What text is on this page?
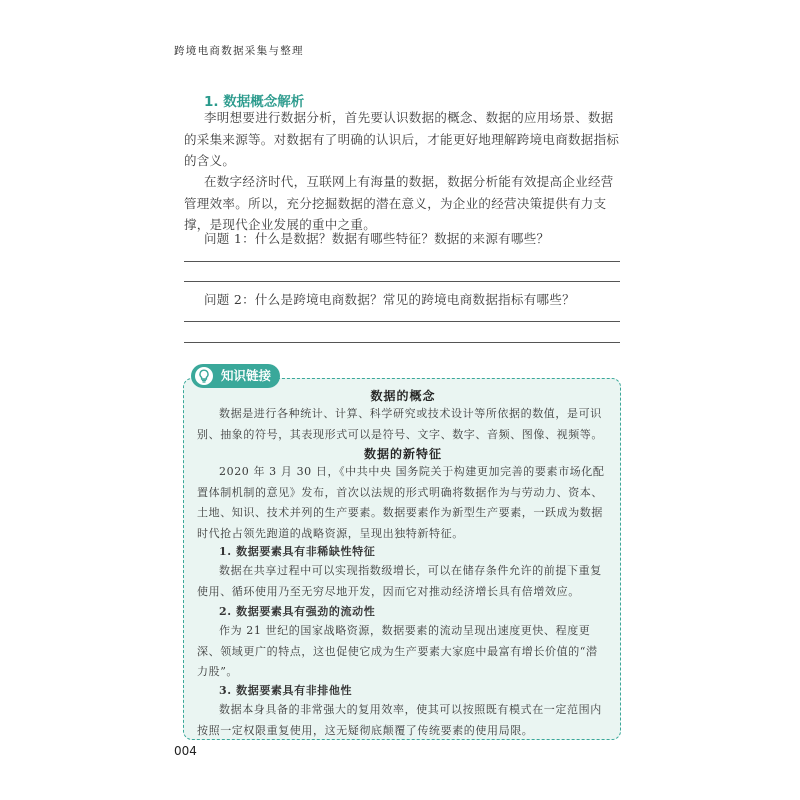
跨境电商数据采集与整理
1. 数据概念解析

李明想要进行数据分析，首先要认识数据的概念、数据的应用场景、数据的采集来源等。对数据有了明确的认识后，才能更好地理解跨境电商数据指标的含义。

在数字经济时代，互联网上有海量的数据，数据分析能有效提高企业经营管理效率。所以，充分挖掘数据的潜在意义，为企业的经营决策提供有力支撑，是现代企业发展的重中之重。

问题 1：什么是数据？数据有哪些特征？数据的来源有哪些？

问题 2：什么是跨境电商数据？常见的跨境电商数据指标有哪些？

知识链接
数据的概念

数据是进行各种统计、计算、科学研究或技术设计等所依据的数值，是可识别、抽象的符号，其表现形式可以是符号、文字、数字、音频、图像、视频等。

数据的新特征

2020 年 3 月 30 日，《中共中央 国务院关于构建更加完善的要素市场化配置体制机制的意见》发布，首次以法规的形式明确将数据作为与劳动力、资本、土地、知识、技术并列的生产要素。数据要素作为新型生产要素，一跃成为数据时代抢占领先跑道的战略资源，呈现出独特新特征。

1. 数据要素具有非稀缺性特征

数据在共享过程中可以实现指数级增长，可以在储存条件允许的前提下重复使用、循环使用乃至无穷尽地开发，因而它对推动经济增长具有倍增效应。

2. 数据要素具有强劲的流动性

作为 21 世纪的国家战略资源，数据要素的流动呈现出速度更快、程度更深、领域更广的特点，这也促使它成为生产要素大家庭中最富有增长价值的“潜力股”。

3. 数据要素具有非排他性

数据本身具备的非常强大的复用效率，使其可以按照既有模式在一定范围内按照一定权限重复使用，这无疑彻底颠覆了传统要素的使用局限。

004
